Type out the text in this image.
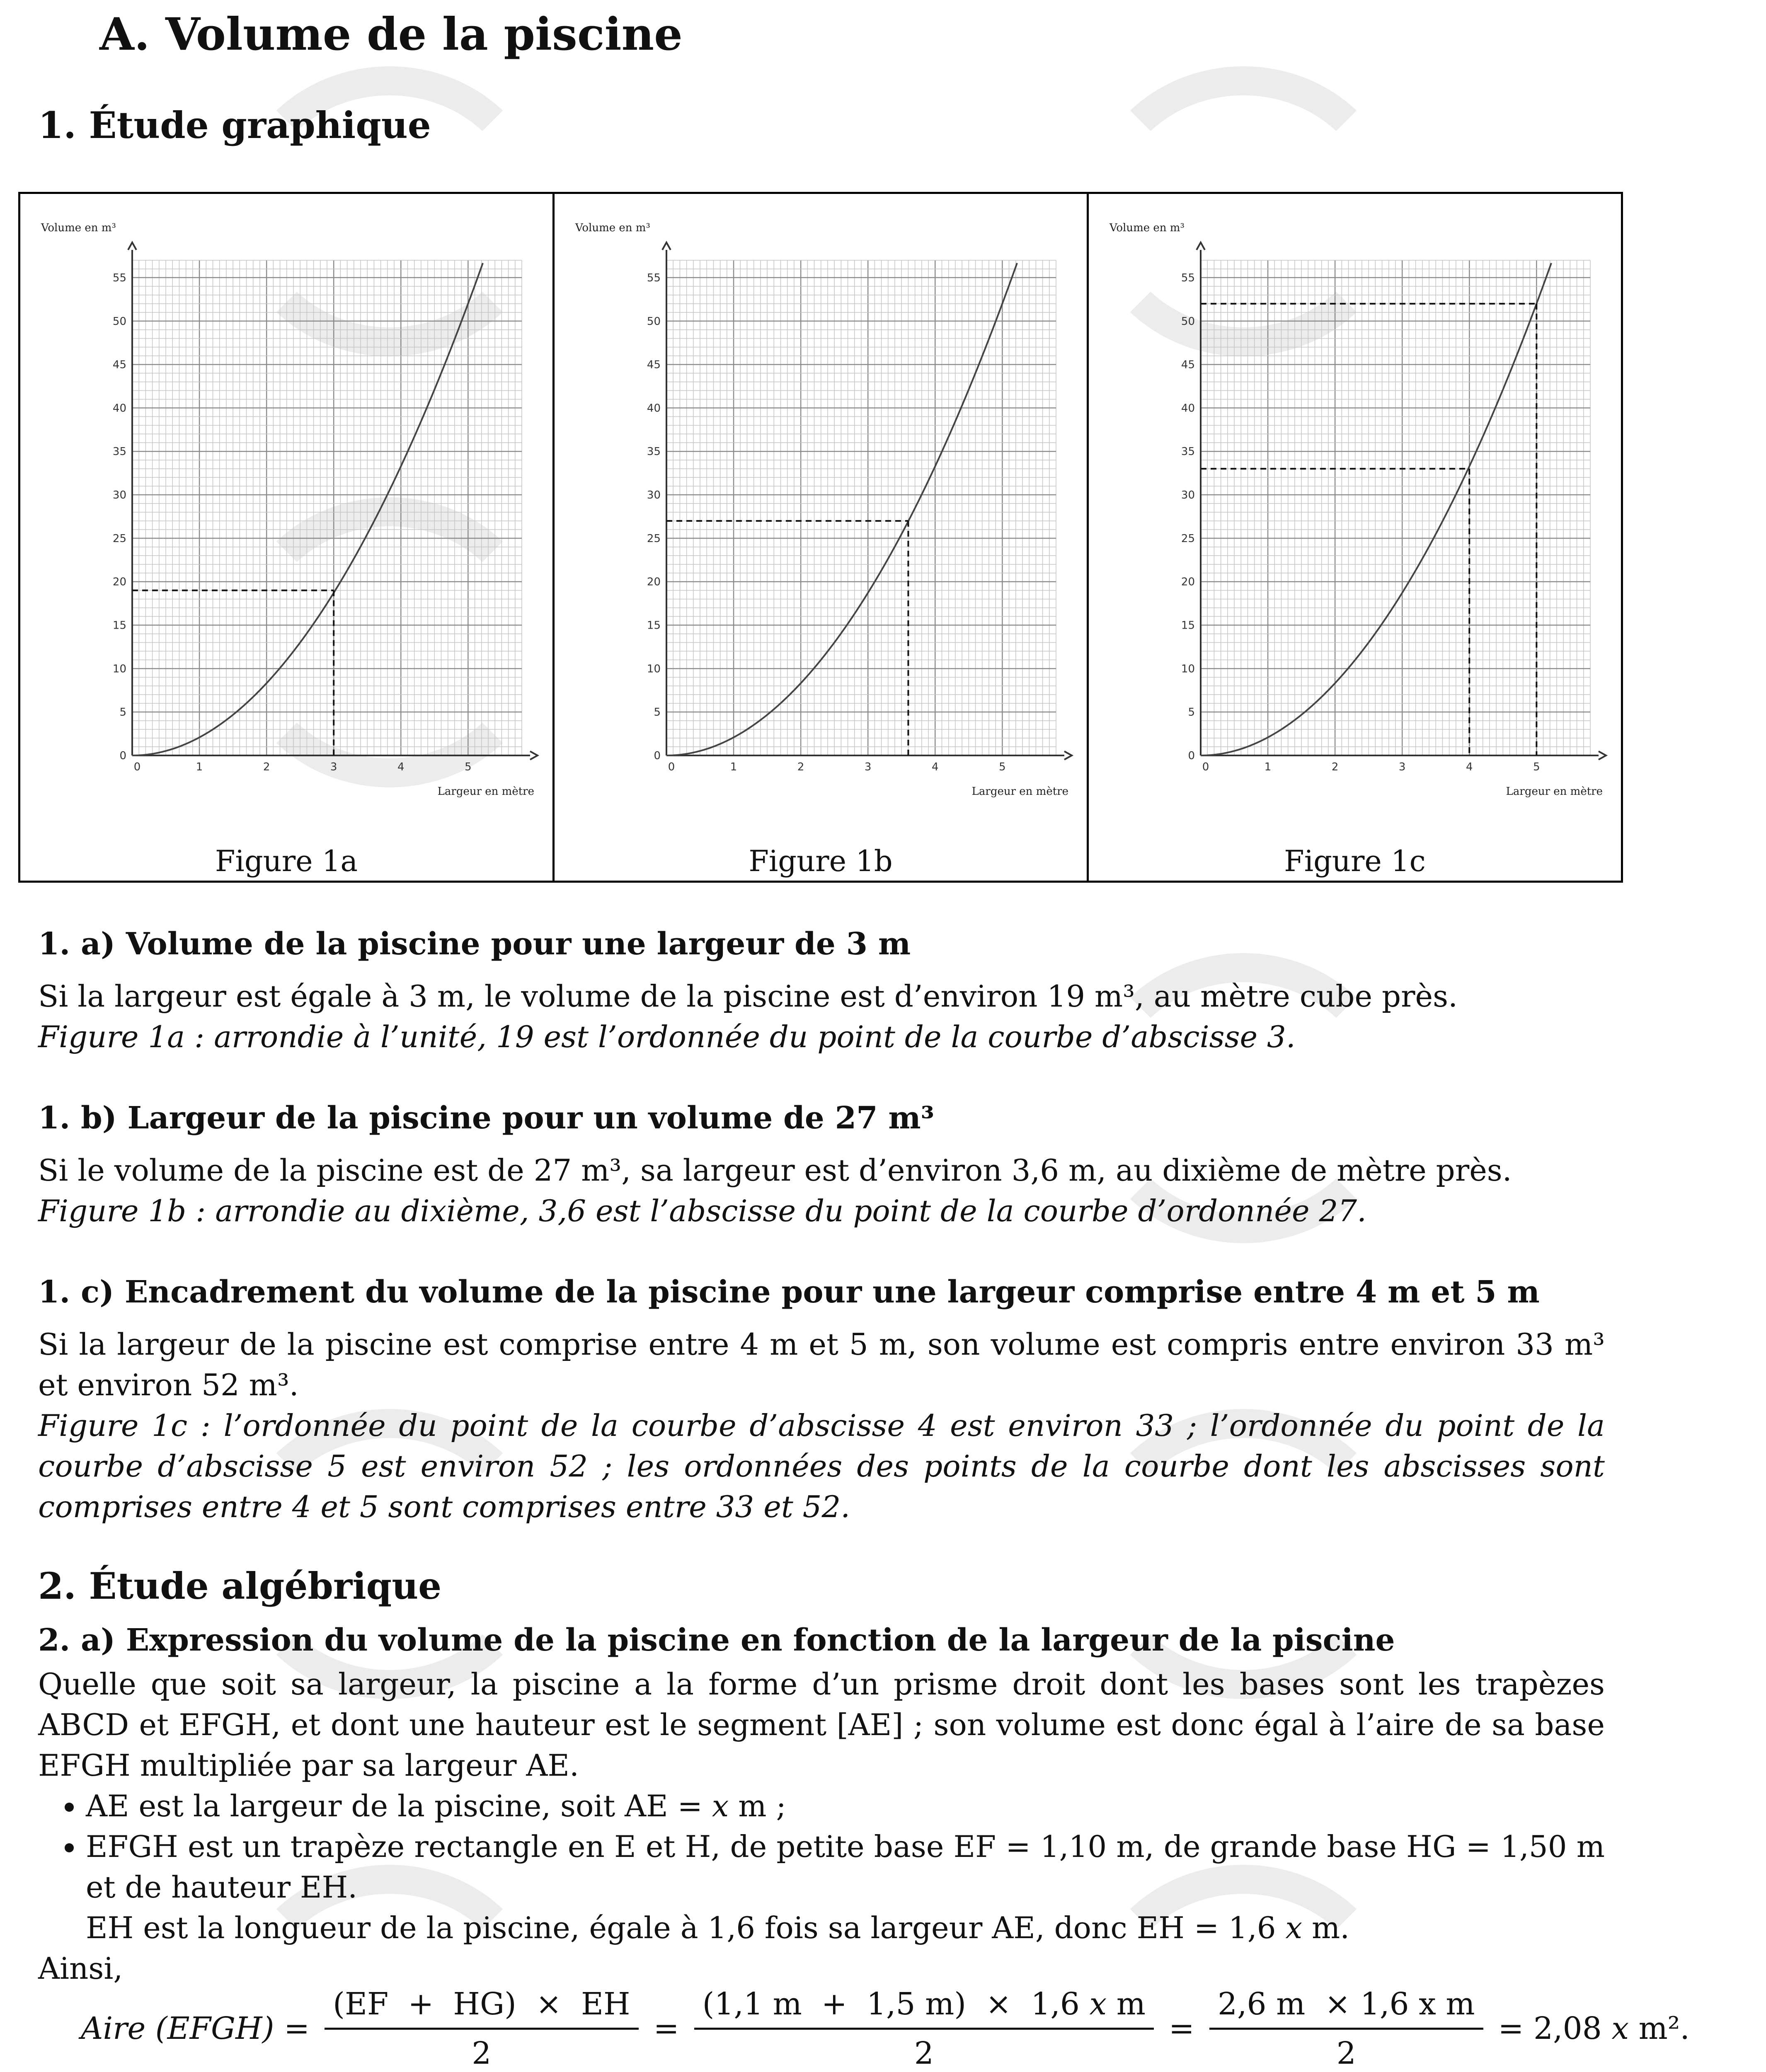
A. Volume de la piscine
1. Étude graphique
0
5
10
15
20
25
30
35
40
45
50
55
0	1	2	3	4	5
Volume en m³
Largeur en mètre
Figure 1a
0
5
10
15
20
25
30
35
40
45
50
55
0	1	2	3	4	5
Volume en m³
Largeur en mètre
Figure 1b
0
5
10
15
20
25
30
35
40
45
50
55
0	1	2	3	4	5
Volume en m³
Largeur en mètre
Figure 1c
1. a) Volume de la piscine pour une largeur de 3 m

Si la largeur est égale à 3 m, le volume de la piscine est d’environ 19 m³, au mètre cube près.

Figure 1a : arrondie à l’unité, 19 est l’ordonnée du point de la courbe d’abscisse 3.

1. b) Largeur de la piscine pour un volume de 27 m³

Si le volume de la piscine est de 27 m³, sa largeur est d’environ 3,6 m, au dixième de mètre près.

Figure 1b : arrondie au dixième, 3,6 est l’abscisse du point de la courbe d’ordonnée 27.

1. c) Encadrement du volume de la piscine pour une largeur comprise entre 4 m et 5 m

Si la largeur de la piscine est comprise entre 4 m et 5 m, son volume est compris entre environ 33 m³ et environ 52 m³.

Figure 1c : l’ordonnée du point de la courbe d’abscisse 4 est environ 33 ; l’ordonnée du point de la courbe d’abscisse 5 est environ 52 ; les ordonnées des points de la courbe dont les abscisses sont comprises entre 4 et 5 sont comprises entre 33 et 52.

2. Étude algébrique
2. a) Expression du volume de la piscine en fonction de la largeur de la piscine

Quelle que soit sa largeur, la piscine a la forme d’un prisme droit dont les bases sont les trapèzes ABCD et EFGH, et dont une hauteur est le segment [AE] ; son volume est donc égal à l’aire de sa base EFGH multipliée par sa largeur AE.

• AE est la largeur de la piscine, soit AE = 𝑥 m ;
• EFGH est un trapèze rectangle en E et H, de petite base EF = 1,10 m, de grande base HG = 1,50 m et de hauteur EH.

EH est la longueur de la piscine, égale à 1,6 fois sa largeur AE, donc EH = 1,6 𝑥 m.

Ainsi,

Aire (EFGH) = $\frac{(EF + HG) \times EH}{2} = \frac{\text{(1,1 m  +  1,5 m)  ×  1,6 𝑥 m}}{2} = \frac{\text{2,6 m  × 1,6 x m}}{2} = 2,08$ 𝑥 m².
